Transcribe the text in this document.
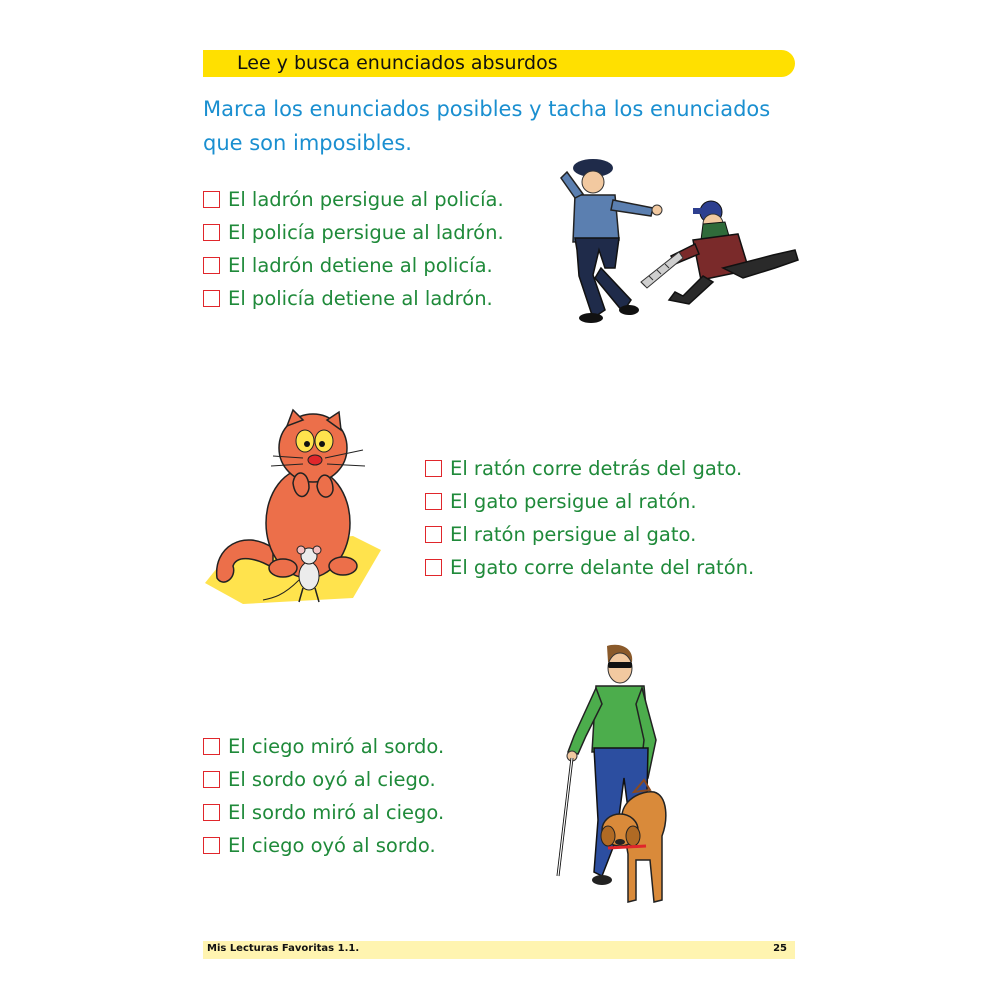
Lee y busca enunciados absurdos
Marca los enunciados posibles y tacha los enunciados que son imposibles.
El ladrón persigue al policía.
El policía persigue al ladrón.
El ladrón detiene al policía.
El policía detiene al ladrón.
El ratón corre detrás del gato.
El gato persigue al ratón.
El ratón persigue al gato.
El gato corre delante del ratón.
El ciego miró al sordo.
El sordo oyó al ciego.
El sordo miró al ciego.
El ciego oyó al sordo.
Mis Lecturas Favoritas 1.1.	25
